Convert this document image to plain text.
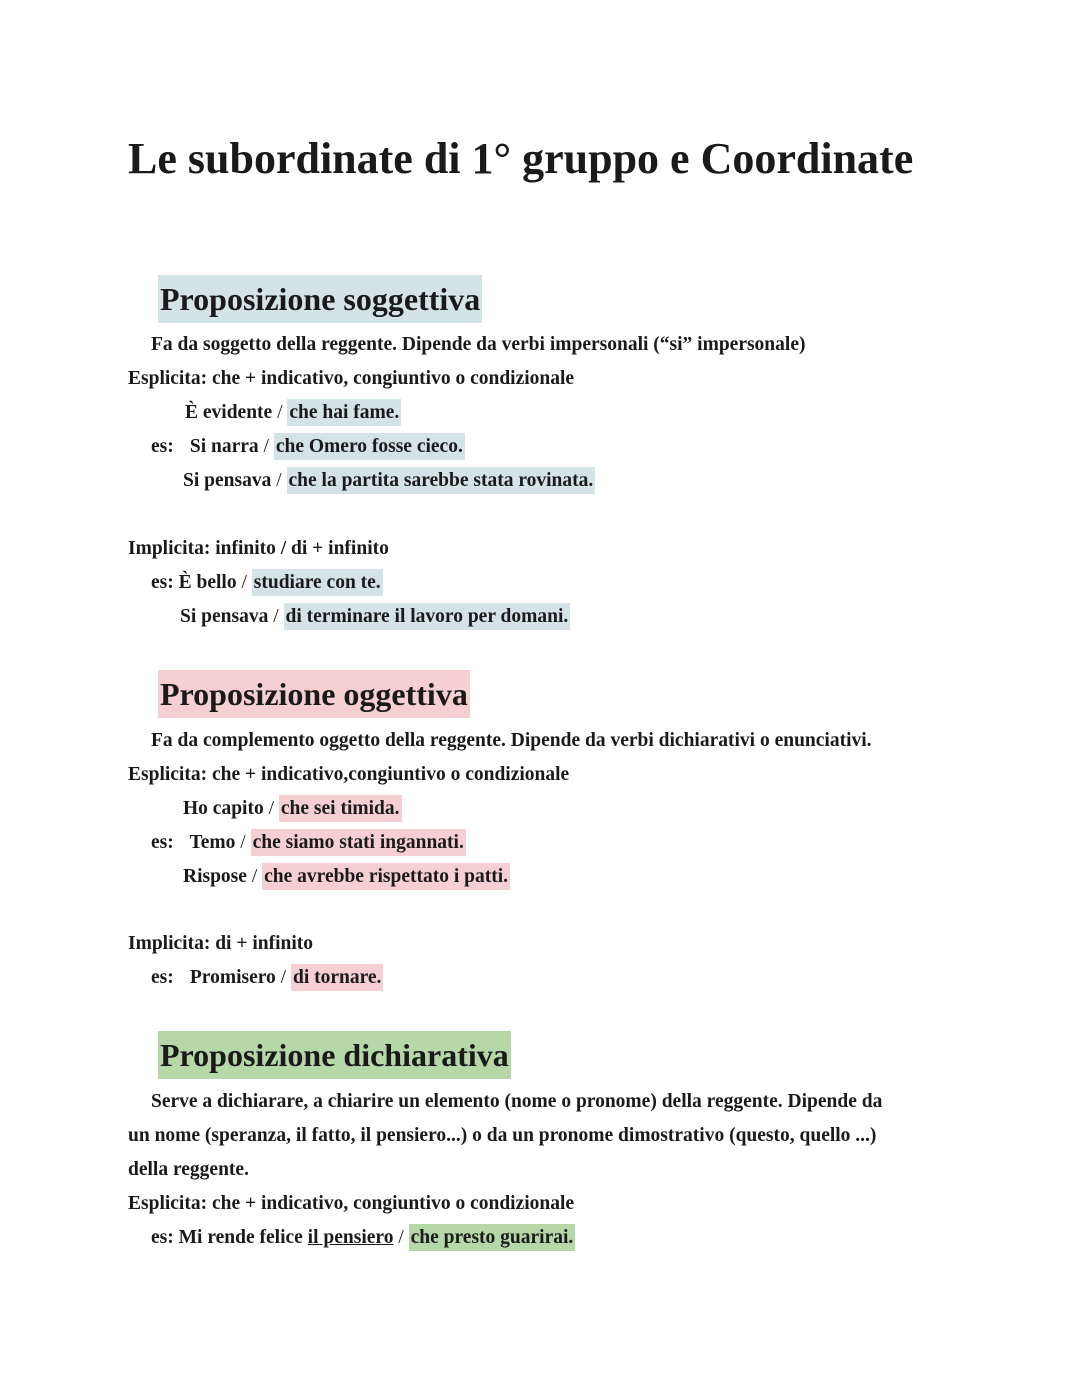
Le subordinate di 1° gruppo e Coordinate
Proposizione soggettiva
Fa da soggetto della reggente. Dipende da verbi impersonali (“si” impersonale)
Esplicita: che + indicativo, congiuntivo o condizionale
È evidente / che hai fame.
es: Si narra / che Omero fosse cieco.
Si pensava / che la partita sarebbe stata rovinata.
Implicita: infinito / di + infinito
es: È bello / studiare con te.
Si pensava / di terminare il lavoro per domani.
Proposizione oggettiva
Fa da complemento oggetto della reggente. Dipende da verbi dichiarativi o enunciativi.
Esplicita: che + indicativo,congiuntivo o condizionale
Ho capito / che sei timida.
es: Temo / che siamo stati ingannati.
Rispose / che avrebbe rispettato i patti.
Implicita: di + infinito
es: Promisero / di tornare.
Proposizione dichiarativa
Serve a dichiarare, a chiarire un elemento (nome o pronome) della reggente. Dipende da
un nome (speranza, il fatto, il pensiero...) o da un pronome dimostrativo (questo, quello ...)
della reggente.
Esplicita: che + indicativo, congiuntivo o condizionale
es: Mi rende felice il pensiero / che presto guarirai.
